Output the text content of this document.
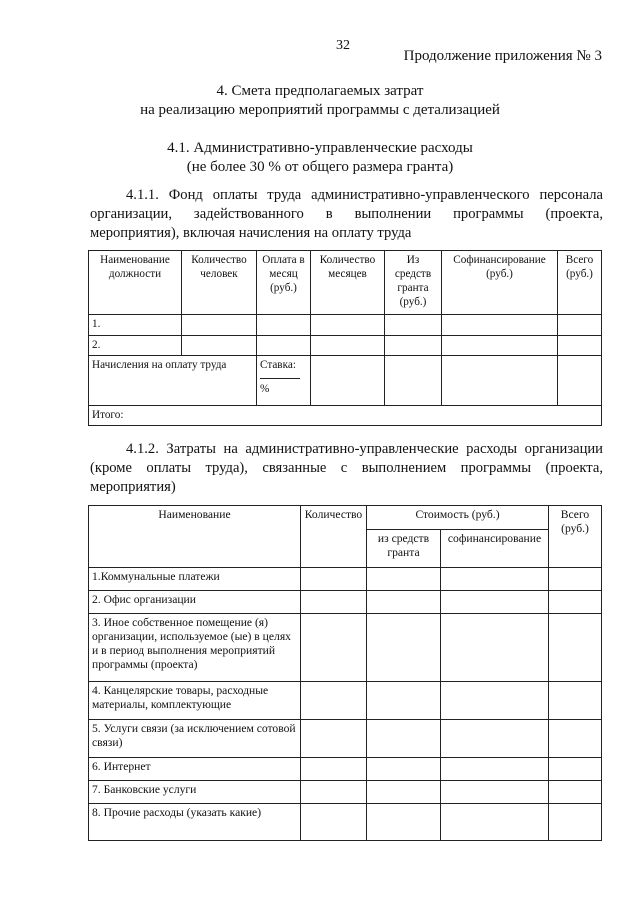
32
Продолжение приложения № 3
4. Смета предполагаемых затрат
на реализацию мероприятий программы с детализацией
4.1. Административно-управленческие расходы
(не более 30 % от общего размера гранта)
4.1.1. Фонд оплаты труда административно-управленческого персонала организации, задействованного в выполнении программы (проекта, мероприятия), включая начисления на оплату труда
Наименование должности	Количество человек	Оплата в месяц (руб.)	Количество месяцев	Из средств гранта (руб.)	Софинансирование (руб.)	Всего (руб.)
1.						
2.						
Начисления на оплату труда		Ставка:
%				
Итого:						
4.1.2. Затраты на административно-управленческие расходы организации (кроме оплаты труда), связанные с выполнением программы (проекта, мероприятия)
Наименование	Количество	Стоимость (руб.)		Всего (руб.)
		из средств гранта	софинансирование	
1.Коммунальные платежи				
2. Офис организации				
3. Иное собственное помещение (я) организации, используемое (ые) в целях и в период выполнения мероприятий программы (проекта)				
4. Канцелярские товары, расходные материалы, комплектующие				
5. Услуги связи (за исключением сотовой связи)				
6. Интернет				
7. Банковские услуги				
8. Прочие расходы (указать какие)				
